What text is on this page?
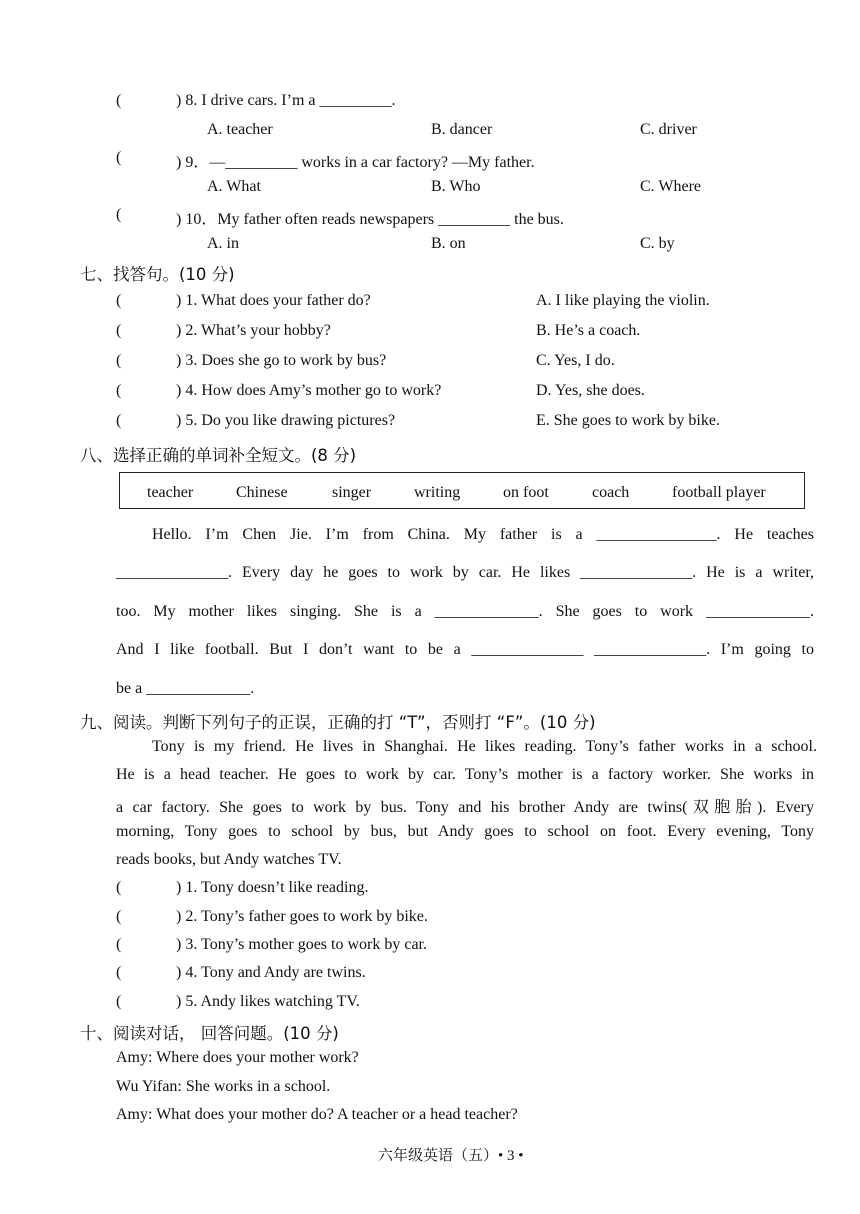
(	) 8. I drive cars. I’m a _________.
A. teacher	B. dancer	C. driver
(	) 9．—_________ works in a car factory? —My father.
A. What	B. Who	C. Where
(	) 10．My father often reads newspapers _________ the bus.
A. in	B. on	C. by
七、找答句。(10 分)
(	) 1. What does your father do?	A. I like playing the violin.
(	) 2. What’s your hobby?	B. He’s a coach.
(	) 3. Does she go to work by bus?	C. Yes, I do.
(	) 4. How does Amy’s mother go to work?	D. Yes, she does.
(	) 5. Do you like drawing pictures?	E. She goes to work by bike.
八、选择正确的单词补全短文。(8 分)
teacher	Chinese	singer	writing	on foot	coach	football player
Hello. I’m Chen Jie. I’m from China. My father is a _______________. He teaches
______________. Every day he goes to work by car. He likes ______________. He is a writer,
too. My mother likes singing. She is a _____________. She goes to work _____________.
And I like football. But I don’t want to be a ______________ ______________. I’m going to
be a _____________.
九、阅读。判断下列句子的正误，正确的打 “T”，否则打 “F”。(10 分)
Tony is my friend. He lives in Shanghai. He likes reading. Tony’s father works in a school.
He is a head teacher. He goes to work by car. Tony’s mother is a factory worker. She works in
a car factory. She goes to work by bus. Tony and his brother Andy are twins(双胞胎). Every
morning, Tony goes to school by bus, but Andy goes to school on foot. Every evening, Tony
reads books, but Andy watches TV.
(	) 1. Tony doesn’t like reading.
(	) 2. Tony’s father goes to work by bike.
(	) 3. Tony’s mother goes to work by car.
(	) 4. Tony and Andy are twins.
(	) 5. Andy likes watching TV.
十、阅读对话， 回答问题。(10 分)
Amy: Where does your mother work?
Wu Yifan: She works in a school.
Amy: What does your mother do? A teacher or a head teacher?
六年级英语（五）• 3 •
